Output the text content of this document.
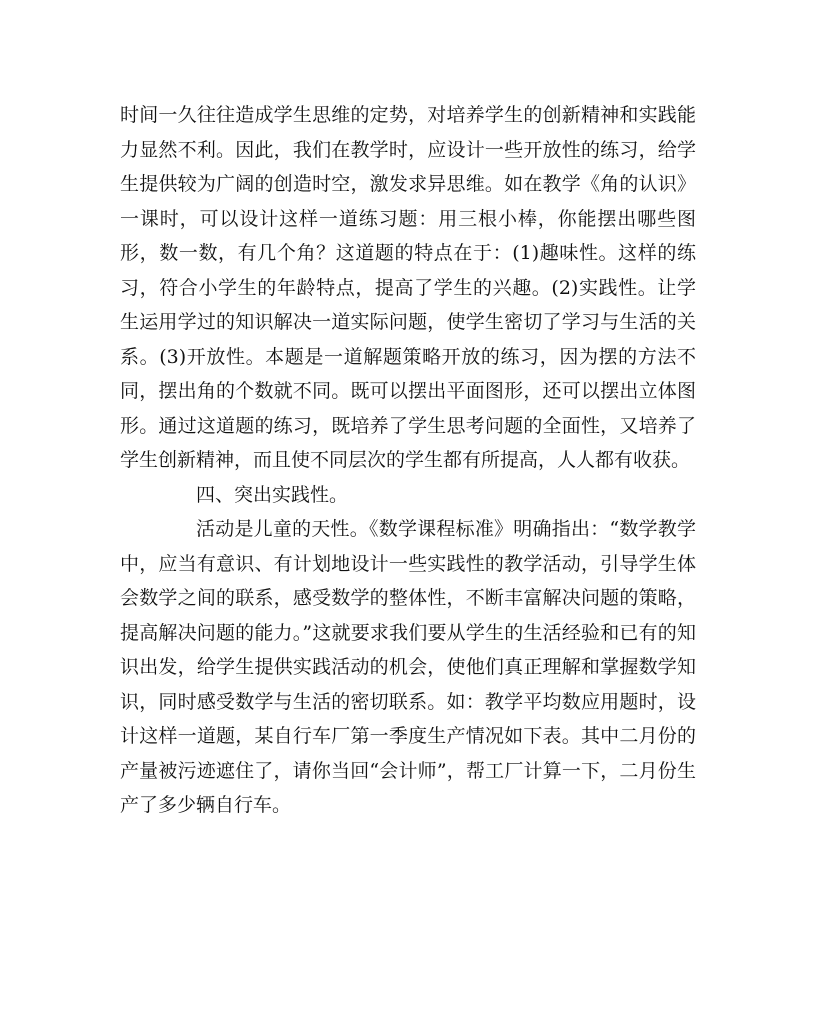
时间一久往往造成学生思维的定势，对培养学生的创新精神和实践能力显然不利。因此，我们在教学时，应设计一些开放性的练习，给学生提供较为广阔的创造时空，激发求异思维。如在教学《角的认识》一课时，可以设计这样一道练习题：用三根小棒，你能摆出哪些图形，数一数，有几个角？这道题的特点在于：(1)趣味性。这样的练习，符合小学生的年龄特点，提高了学生的兴趣。(2)实践性。让学生运用学过的知识解决一道实际问题，使学生密切了学习与生活的关系。(3)开放性。本题是一道解题策略开放的练习，因为摆的方法不同，摆出角的个数就不同。既可以摆出平面图形，还可以摆出立体图形。通过这道题的练习，既培养了学生思考问题的全面性，又培养了学生创新精神，而且使不同层次的学生都有所提高，人人都有收获。

四、突出实践性。

活动是儿童的天性。《数学课程标准》明确指出：“数学教学中，应当有意识、有计划地设计一些实践性的教学活动，引导学生体会数学之间的联系，感受数学的整体性，不断丰富解决问题的策略，提高解决问题的能力。”这就要求我们要从学生的生活经验和已有的知识出发，给学生提供实践活动的机会，使他们真正理解和掌握数学知识，同时感受数学与生活的密切联系。如：教学平均数应用题时，设计这样一道题，某自行车厂第一季度生产情况如下表。其中二月份的产量被污迹遮住了，请你当回“会计师”，帮工厂计算一下，二月份生产了多少辆自行车。
